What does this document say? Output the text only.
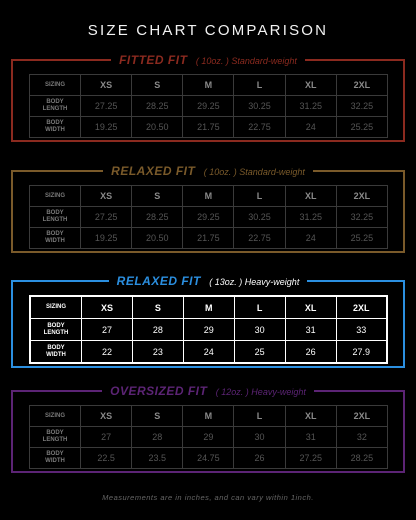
SIZE CHART COMPARISON
FITTED FIT ( 10oz. ) Standard-weight
SIZING	XS	S	M	L	XL	2XL
BODY
LENGTH	27.25	28.25	29.25	30.25	31.25	32.25
BODY
WIDTH	19.25	20.50	21.75	22.75	24	25.25
RELAXED FIT ( 10oz. ) Standard-weight
SIZING	XS	S	M	L	XL	2XL
BODY
LENGTH	27.25	28.25	29.25	30.25	31.25	32.25
BODY
WIDTH	19.25	20.50	21.75	22.75	24	25.25
RELAXED FIT ( 13oz. ) Heavy-weight
SIZING	XS	S	M	L	XL	2XL
BODY
LENGTH	27	28	29	30	31	33
BODY
WIDTH	22	23	24	25	26	27.9
OVERSIZED FIT ( 12oz. ) Heavy-weight
SIZING	XS	S	M	L	XL	2XL
BODY
LENGTH	27	28	29	30	31	32
BODY
WIDTH	22.5	23.5	24.75	26	27.25	28.25
Measurements are in inches, and can vary within 1inch.
